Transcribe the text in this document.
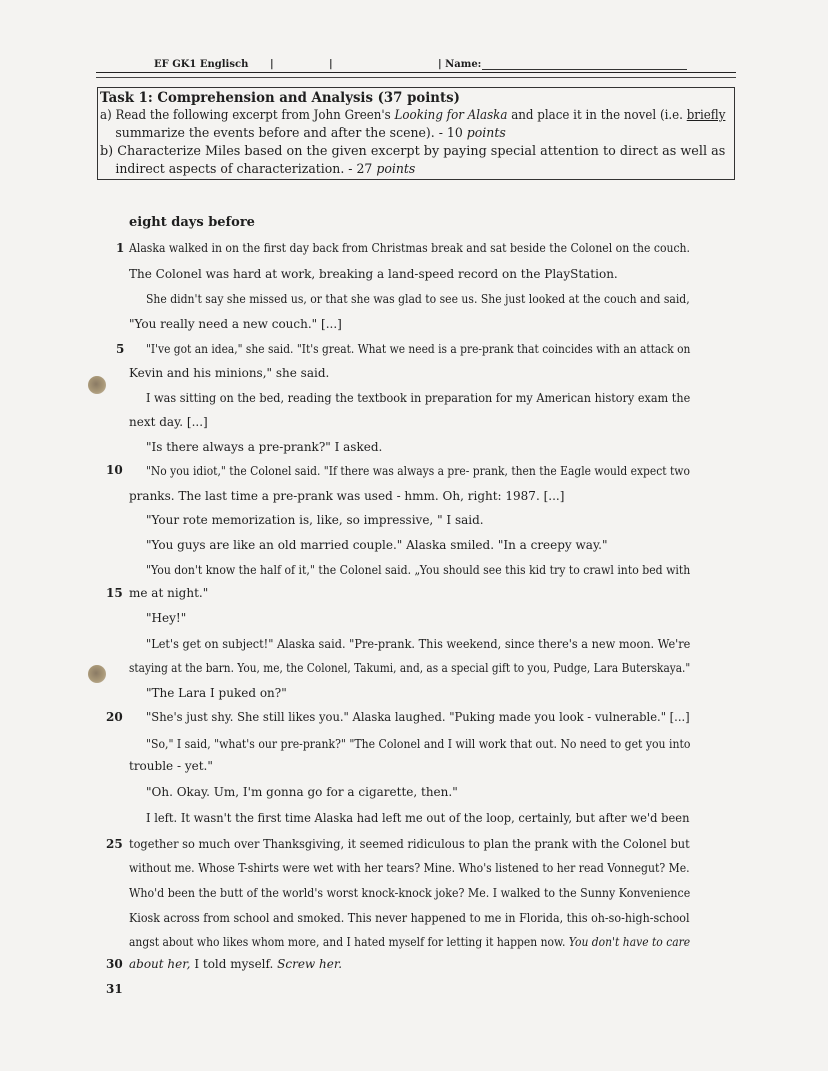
EF GK1 Englisch |	|	| Name:
Task 1: Comprehension and Analysis (37 points)
a) Read the following excerpt from John Green's Looking for Alaska and place it in the novel (i.e. briefly
summarize the events before and after the scene). - 10 points
b) Characterize Miles based on the given excerpt by paying special attention to direct as well as
indirect aspects of characterization. - 27 points
eight days before
1
5
10
15
20
25
30
31
Alaska walked in on the first day back from Christmas break and sat beside the Colonel on the couch.
The Colonel was hard at work, breaking a land-speed record on the PlayStation.
She didn't say she missed us, or that she was glad to see us. She just looked at the couch and said,
"You really need a new couch." [...]
"I've got an idea," she said. "It's great. What we need is a pre-prank that coincides with an attack on
Kevin and his minions," she said.
I was sitting on the bed, reading the textbook in preparation for my American history exam the
next day. [...]
"Is there always a pre-prank?" I asked.
"No you idiot," the Colonel said. "If there was always a pre- prank, then the Eagle would expect two
pranks. The last time a pre-prank was used - hmm. Oh, right: 1987. [...]
"Your rote memorization is, like, so impressive, " I said.
"You guys are like an old married couple." Alaska smiled. "In a creepy way."
"You don't know the half of it," the Colonel said. „You should see this kid try to crawl into bed with
me at night."
"Hey!"
"Let's get on subject!" Alaska said. "Pre-prank. This weekend, since there's a new moon. We're
staying at the barn. You, me, the Colonel, Takumi, and, as a special gift to you, Pudge, Lara Buterskaya."
"The Lara I puked on?"
"She's just shy. She still likes you." Alaska laughed. "Puking made you look - vulnerable." [...]
"So," I said, "what's our pre-prank?" "The Colonel and I will work that out. No need to get you into
trouble - yet."
"Oh. Okay. Um, I'm gonna go for a cigarette, then."
I left. It wasn't the first time Alaska had left me out of the loop, certainly, but after we'd been
together so much over Thanksgiving, it seemed ridiculous to plan the prank with the Colonel but
without me. Whose T-shirts were wet with her tears? Mine. Who's listened to her read Vonnegut? Me.
Who'd been the butt of the world's worst knock-knock joke? Me. I walked to the Sunny Konvenience
Kiosk across from school and smoked. This never happened to me in Florida, this oh-so-high-school
angst about who likes whom more, and I hated myself for letting it happen now. You don't have to care
about her, I told myself. Screw her.
